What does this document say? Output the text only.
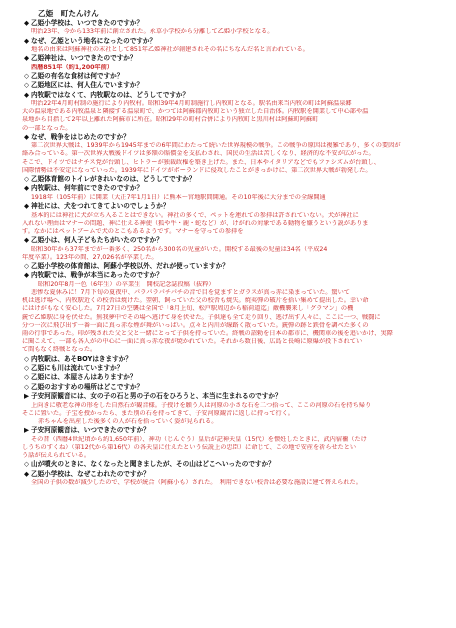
乙姫　町たんけん
◆ 乙姫小学校は、いつできたのですか？
明治23年、今から133年前に創立された。永草小学校から分離して乙姫小学校となる。
◆ なぜ、乙姫という地名になったのですか？
地名の由来は阿蘇神社の末社として851年乙姫神社が創建されその名にちなんだ名と言われている。
◆ 乙姫神社は、いつできたのですか？
西暦851年（約1,200年前）
◇ 乙姫の有名な食材は何ですか？
◇ 乙姫地区には、何人住んでいますか？
◆ 内牧駅ではなくて、内牧駅なのは、どうしてですか？
明治22年4月町村制の施行により内牧村。昭和39年4月町制施行し内牧町となる。駅名由来当内牧の町は阿蘇温泉郷
大の温泉地である内牧温泉と隣接する温泉町で、かつては阿蘇郡内牧町という独立した自治体。内牧駅を開業して中心部や温
泉地から目指して2年以上離れた阿蘇市に所在。昭和29年の町村合併により内牧町と黒川村は阿蘇町阿蘇町
の一部となった。
◆ なぜ、戦争をはじめたのですか？
第二次世界大戦は、1939年から1945年までの6年間にわたって続いた世界規模の戦争。この戦争の原因は複雑であり、多くの要因が
絡み合っている。第一次世界大戦後ドイツは多額の賠償金を支払わされ、国民の生活は苦しくなり、経済的な不安が広がった。
そこで、ドイツではナチス党が台頭し、ヒトラーが独裁政権を築き上げた。また、日本やイタリアなどでもファシズムが台頭し、
国際情勢は不安定になっていった。1939年にドイツがポーランドに侵攻したことがきっかけに、第二次世界大戦が勃発した。
◇ 乙姫体育館のトイレがきれいなのは、どうしてですか？
◆ 内牧駅は、何年前にできたのですか？
1918年（105年前）に開業（大正7年1月1日）に熊本〜宮地駅間開通。その10年後に大分までの全線開通
◆ 神社には、犬をつれてきてよいのでしょうか？
基本的には神社に犬が立ち入ることはできない。神社の多くで、ペットを連れての参拝は許されていない。犬が神社に
入れない理由はマナーの問題、神に仕える神使（狐や牛・鹿・蛇など）が、けがれの対象である動物を嫌うという説がありま
す。なかにはペットブームで犬のとこもあるようです。マナーを守っての参拝を
◆ 乙姫小は、何人子どもたちがいたのですか？
昭和30年から37年までが一番多く、250名から300名の児童がいた。開校する最後の児童は34名（平成24
年度卒業）。123年の間、27,026名が卒業した。
◇ 乙姫小学校の体育館は、阿蘇小学校以外、だれが使っていますか？
◆ 内牧駅では、戦争が本当にあったのですか？
昭和20年8月一色（6年生）の卒業生　開校記念誌投稿（抜粋）
悲惨な夏休みに！7月下旬の夏夜中、パラパラパチパチの音で目を覚ますとガラスが真っ赤に染まっていた。驚いて
机は逃げ場へ、内牧駅近くの校舎は焼けた。翌朝、飼っていた父の校舎も焼失。焼夷弾の破片を拾い集めて提出した。幸い命
にはけがもなく安心した。7月27日の空襲は全国で「8月上旬、松戸駅周辺から稲荷道迄」敵機襲来し「グラマン」の機
銃で乙姫駅に身を伏せた。無我夢中でその場へ逃げて身を伏せた。子供達も全て走り回り、逃げ出す人々に、ここに一つ、戦闘に
分つ一次に飛び出す一番一面に真っ赤な煙が舞がいっぱい。点々と内川が線路く散っていた。銃弾の跡と鉄骨を調べた多くの
雨の行事であった。印が残された父と父と一緒にとって子供を持っていた。終戦の詔勅を日本の都市に、機関車の後を追いかけ、実際
に聞こえて、一部も各人がの中心に一面に真っ赤な夜が焼かれていた。それから数日後、広島と長崎に原爆が投下されてい
て間もなく終戦となった。
◇ 内牧駅は、あそBOYはきますか？
◇ 乙姫にも川は流れていますか？
◇ 乙姫には、本屋さんはありますか？
◇ 乙姫のおすすめの場所はどこですか？
▶ 子安河原観音には、女の子の石と男の子の石をひろうと、本当に生まれるのですか？
上向きに敬老な神の形をした自然石が観音様。子授けを願う人は河原の小さな石を二つ拾って、ここの河原の石を持ち帰り
そこに置いた。子宝を授かったら、また別の石を持ってきて、子安河原観音に返しに持って行く。
赤ちゃんを出産した後多くの人が石を拾っていく姿が見られる。
▶ 子安河原観音は、いつできたのですか？
その昔（西暦4世紀頃から約1,650年前）、神功（じんぐう）皇后が記神天皇（15代）を懐妊したときに、武内宿禰（たけ
しうちのすくね）（第12代から第16代）の各天皇に仕えたという伝説上の忠臣）に命じて、この地で安産を祈らせたとい
う話が伝えられている。
◇ 山が噴火のときに、なくなったと聞きましたが、その山はどこへいったのですか？
◆ 乙姫小学校は、なぜこわれたのですか？
全国の子供の数が減少したので、学校が統合（阿蘇小も）された。　利用できない校舎は必要な施設に建て替えられた。
